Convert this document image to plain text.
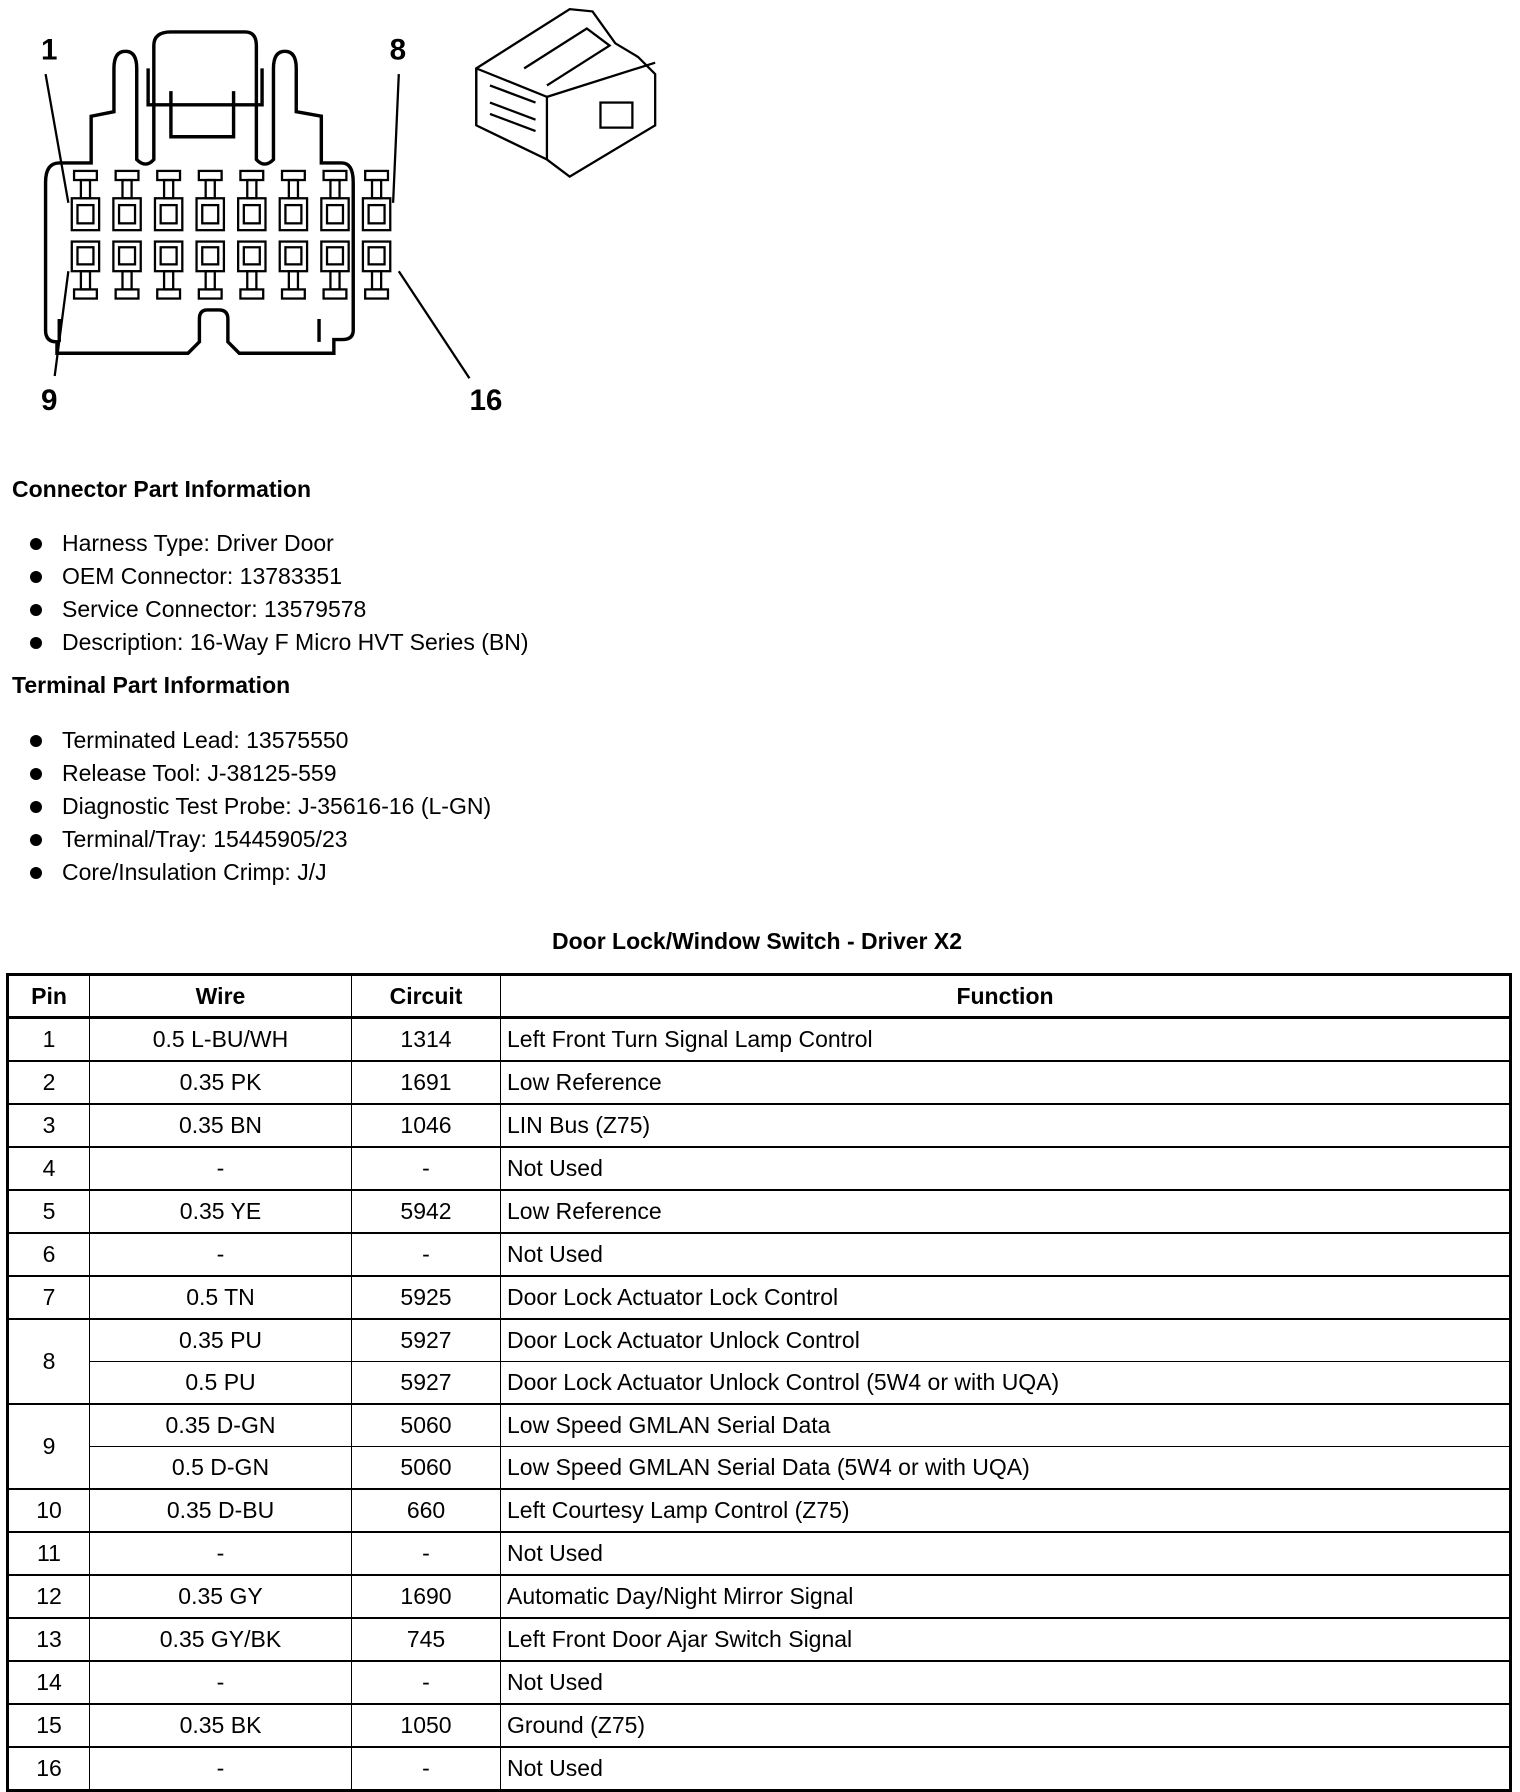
1	8
9	16
Connector Part Information
Harness Type: Driver Door
OEM Connector: 13783351
Service Connector: 13579578
Description: 16-Way F Micro HVT Series (BN)
Terminal Part Information
Terminated Lead: 13575550
Release Tool: J-38125-559
Diagnostic Test Probe: J-35616-16 (L-GN)
Terminal/Tray: 15445905/23
Core/Insulation Crimp: J/J
Door Lock/Window Switch - Driver X2
Pin	Wire	Circuit	Function
1	0.5 L-BU/WH	1314	Left Front Turn Signal Lamp Control
2	0.35 PK	1691	Low Reference
3	0.35 BN	1046	LIN Bus (Z75)
4	-	-	Not Used
5	0.35 YE	5942	Low Reference
6	-	-	Not Used
7	0.5 TN	5925	Door Lock Actuator Lock Control
8	0.35 PU	5927	Door Lock Actuator Unlock Control
	0.5 PU	5927	Door Lock Actuator Unlock Control (5W4 or with UQA)
9	0.35 D-GN	5060	Low Speed GMLAN Serial Data
	0.5 D-GN	5060	Low Speed GMLAN Serial Data (5W4 or with UQA)
10	0.35 D-BU	660	Left Courtesy Lamp Control (Z75)
11	-	-	Not Used
12	0.35 GY	1690	Automatic Day/Night Mirror Signal
13	0.35 GY/BK	745	Left Front Door Ajar Switch Signal
14	-	-	Not Used
15	0.35 BK	1050	Ground (Z75)
16	-	-	Not Used
